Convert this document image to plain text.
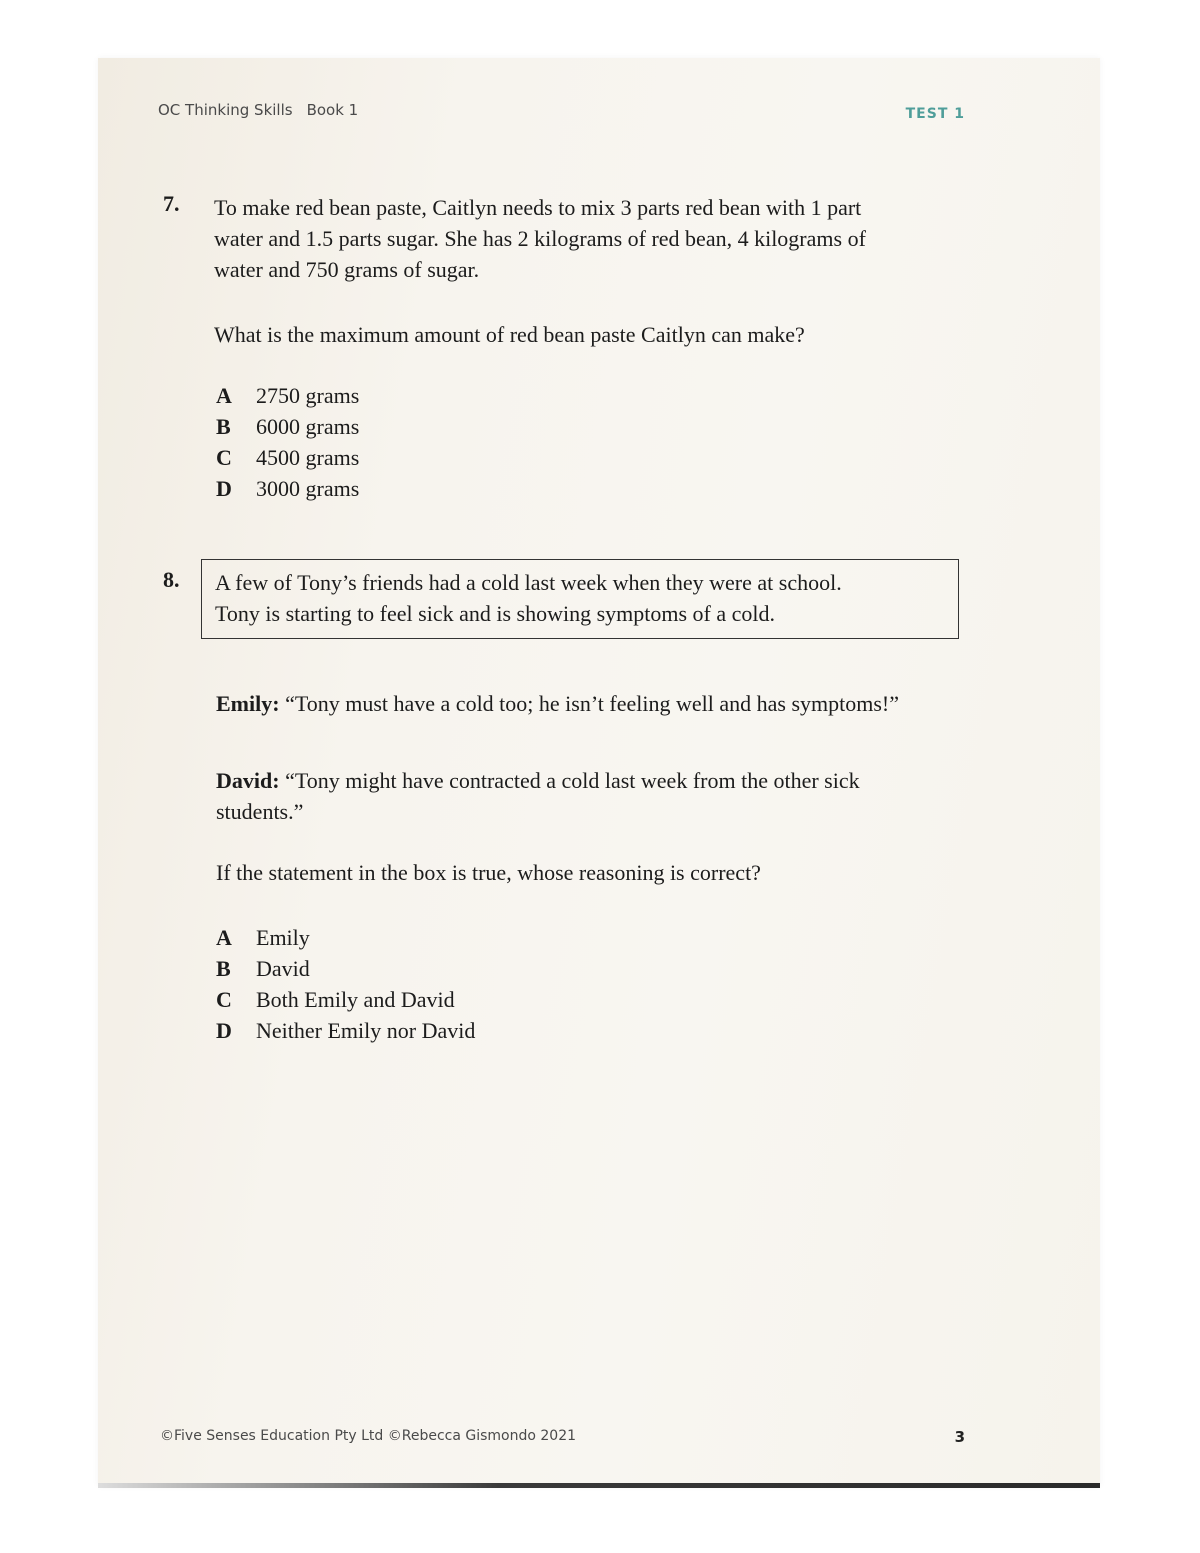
OC Thinking Skills Book 1	TEST 1
7. To make red bean paste, Caitlyn needs to mix 3 parts red bean with 1 part
water and 1.5 parts sugar. She has 2 kilograms of red bean, 4 kilograms of
water and 750 grams of sugar.
What is the maximum amount of red bean paste Caitlyn can make?
A 2750 grams
B 6000 grams
C 4500 grams
D 3000 grams
8. A few of Tony’s friends had a cold last week when they were at school.
Tony is starting to feel sick and is showing symptoms of a cold.
Emily: “Tony must have a cold too; he isn’t feeling well and has symptoms!”
David: “Tony might have contracted a cold last week from the other sick
students.”
If the statement in the box is true, whose reasoning is correct?
A Emily
B David
C Both Emily and David
D Neither Emily nor David
©Five Senses Education Pty Ltd ©Rebecca Gismondo 2021	3
